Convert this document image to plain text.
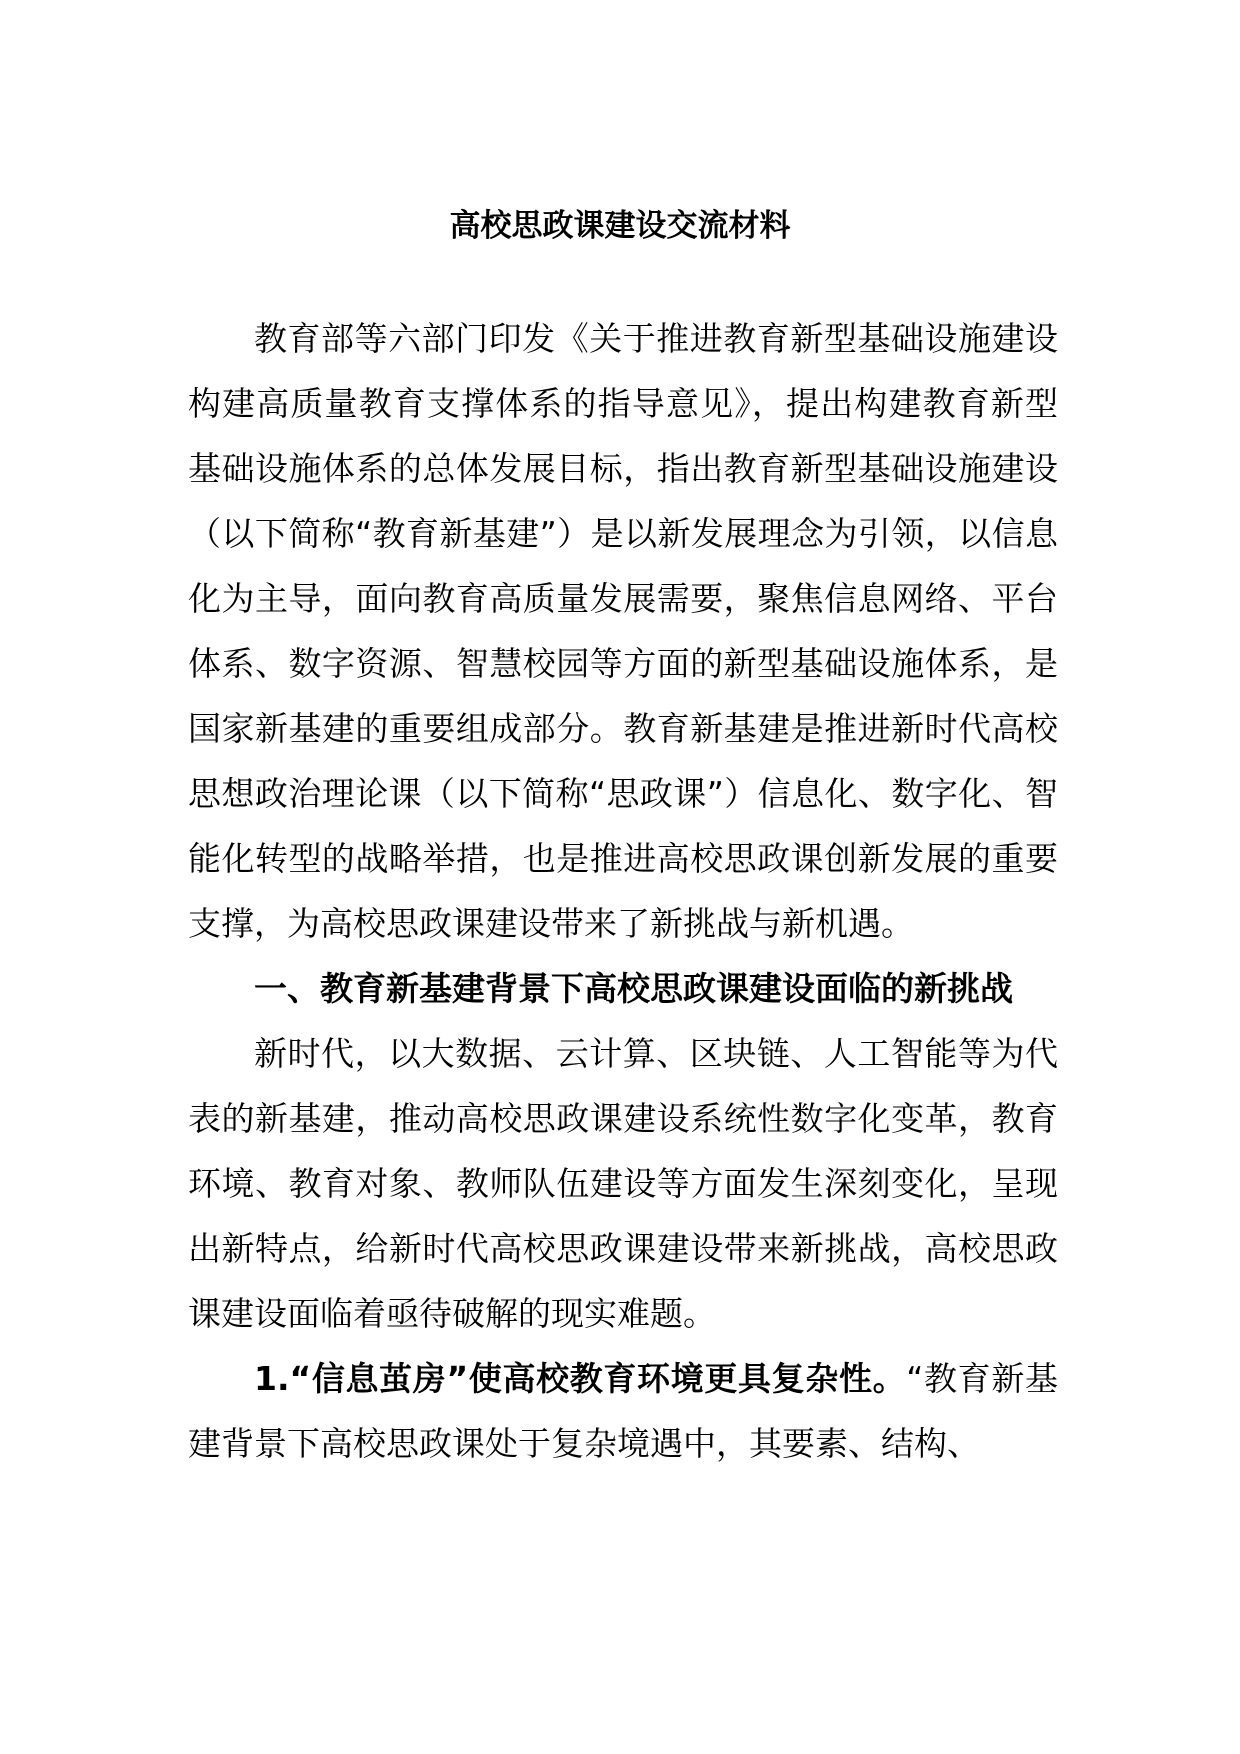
高校思政课建设交流材料

教育部等六部门印发《关于推进教育新型基础设施建设构建高质量教育支撑体系的指导意见》，提出构建教育新型基础设施体系的总体发展目标，指出教育新型基础设施建设（以下简称“教育新基建”）是以新发展理念为引领，以信息化为主导，面向教育高质量发展需要，聚焦信息网络、平台体系、数字资源、智慧校园等方面的新型基础设施体系，是国家新基建的重要组成部分。教育新基建是推进新时代高校思想政治理论课（以下简称“思政课”）信息化、数字化、智能化转型的战略举措，也是推进高校思政课创新发展的重要支撑，为高校思政课建设带来了新挑战与新机遇。

一、教育新基建背景下高校思政课建设面临的新挑战

新时代，以大数据、云计算、区块链、人工智能等为代表的新基建，推动高校思政课建设系统性数字化变革，教育环境、教育对象、教师队伍建设等方面发生深刻变化，呈现出新特点，给新时代高校思政课建设带来新挑战，高校思政课建设面临着亟待破解的现实难题。

1.“信息茧房”使高校教育环境更具复杂性。“教育新基建背景下高校思政课处于复杂境遇中，其要素、结构、
